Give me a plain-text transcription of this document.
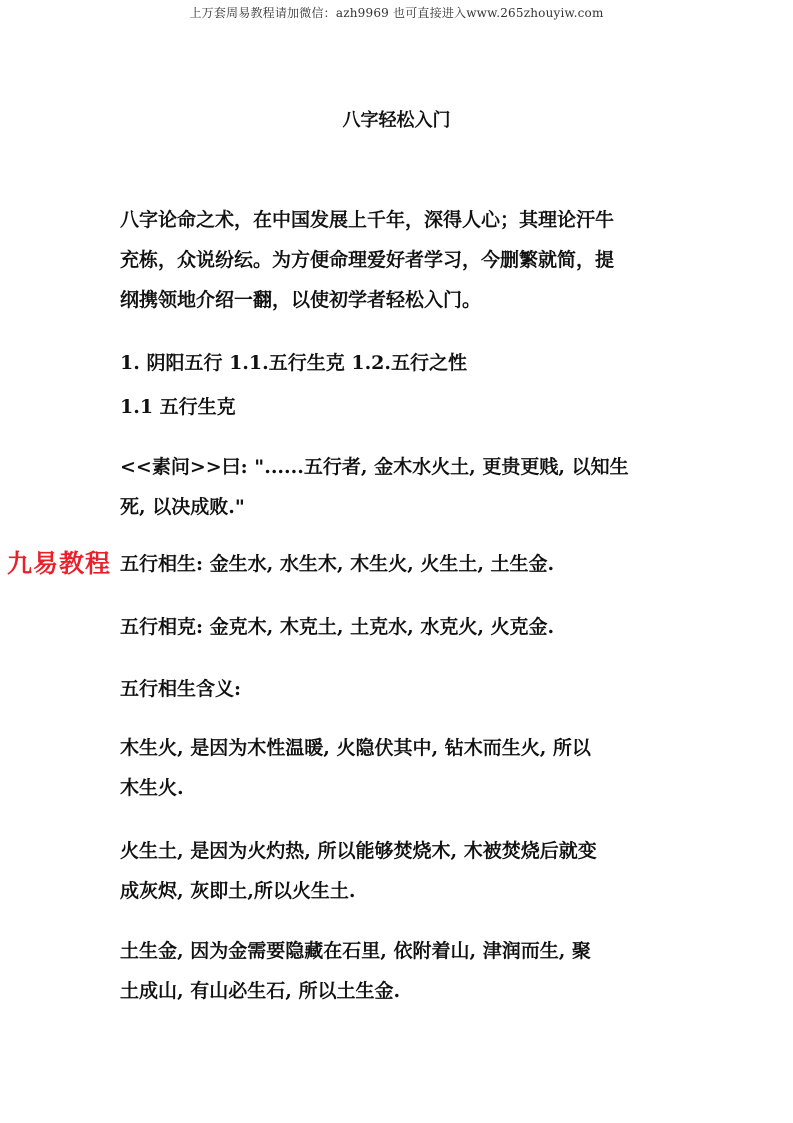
上万套周易教程请加微信：azh9969 也可直接进入www.265zhouyiw.com
八字轻松入门

八字论命之术，在中国发展上千年，深得人心；其理论汗牛
充栋，众说纷纭。为方便命理爱好者学习，今删繁就简，提
纲携领地介绍一翻，以使初学者轻松入门。

1. 阴阳五行 1.1.五行生克 1.2.五行之性

1.1 五行生克

<<素问>>曰: "......五行者, 金木水火土, 更贵更贱, 以知生
死, 以决成败."

五行相生: 金生水, 水生木, 木生火, 火生土, 土生金.

九易教程

五行相克: 金克木, 木克土, 土克水, 水克火, 火克金.

五行相生含义:

木生火, 是因为木性温暖, 火隐伏其中, 钻木而生火, 所以
木生火.

火生土, 是因为火灼热, 所以能够焚烧木, 木被焚烧后就变
成灰烬, 灰即土,所以火生土.

土生金, 因为金需要隐藏在石里, 依附着山, 津润而生, 聚
土成山, 有山必生石, 所以土生金.
